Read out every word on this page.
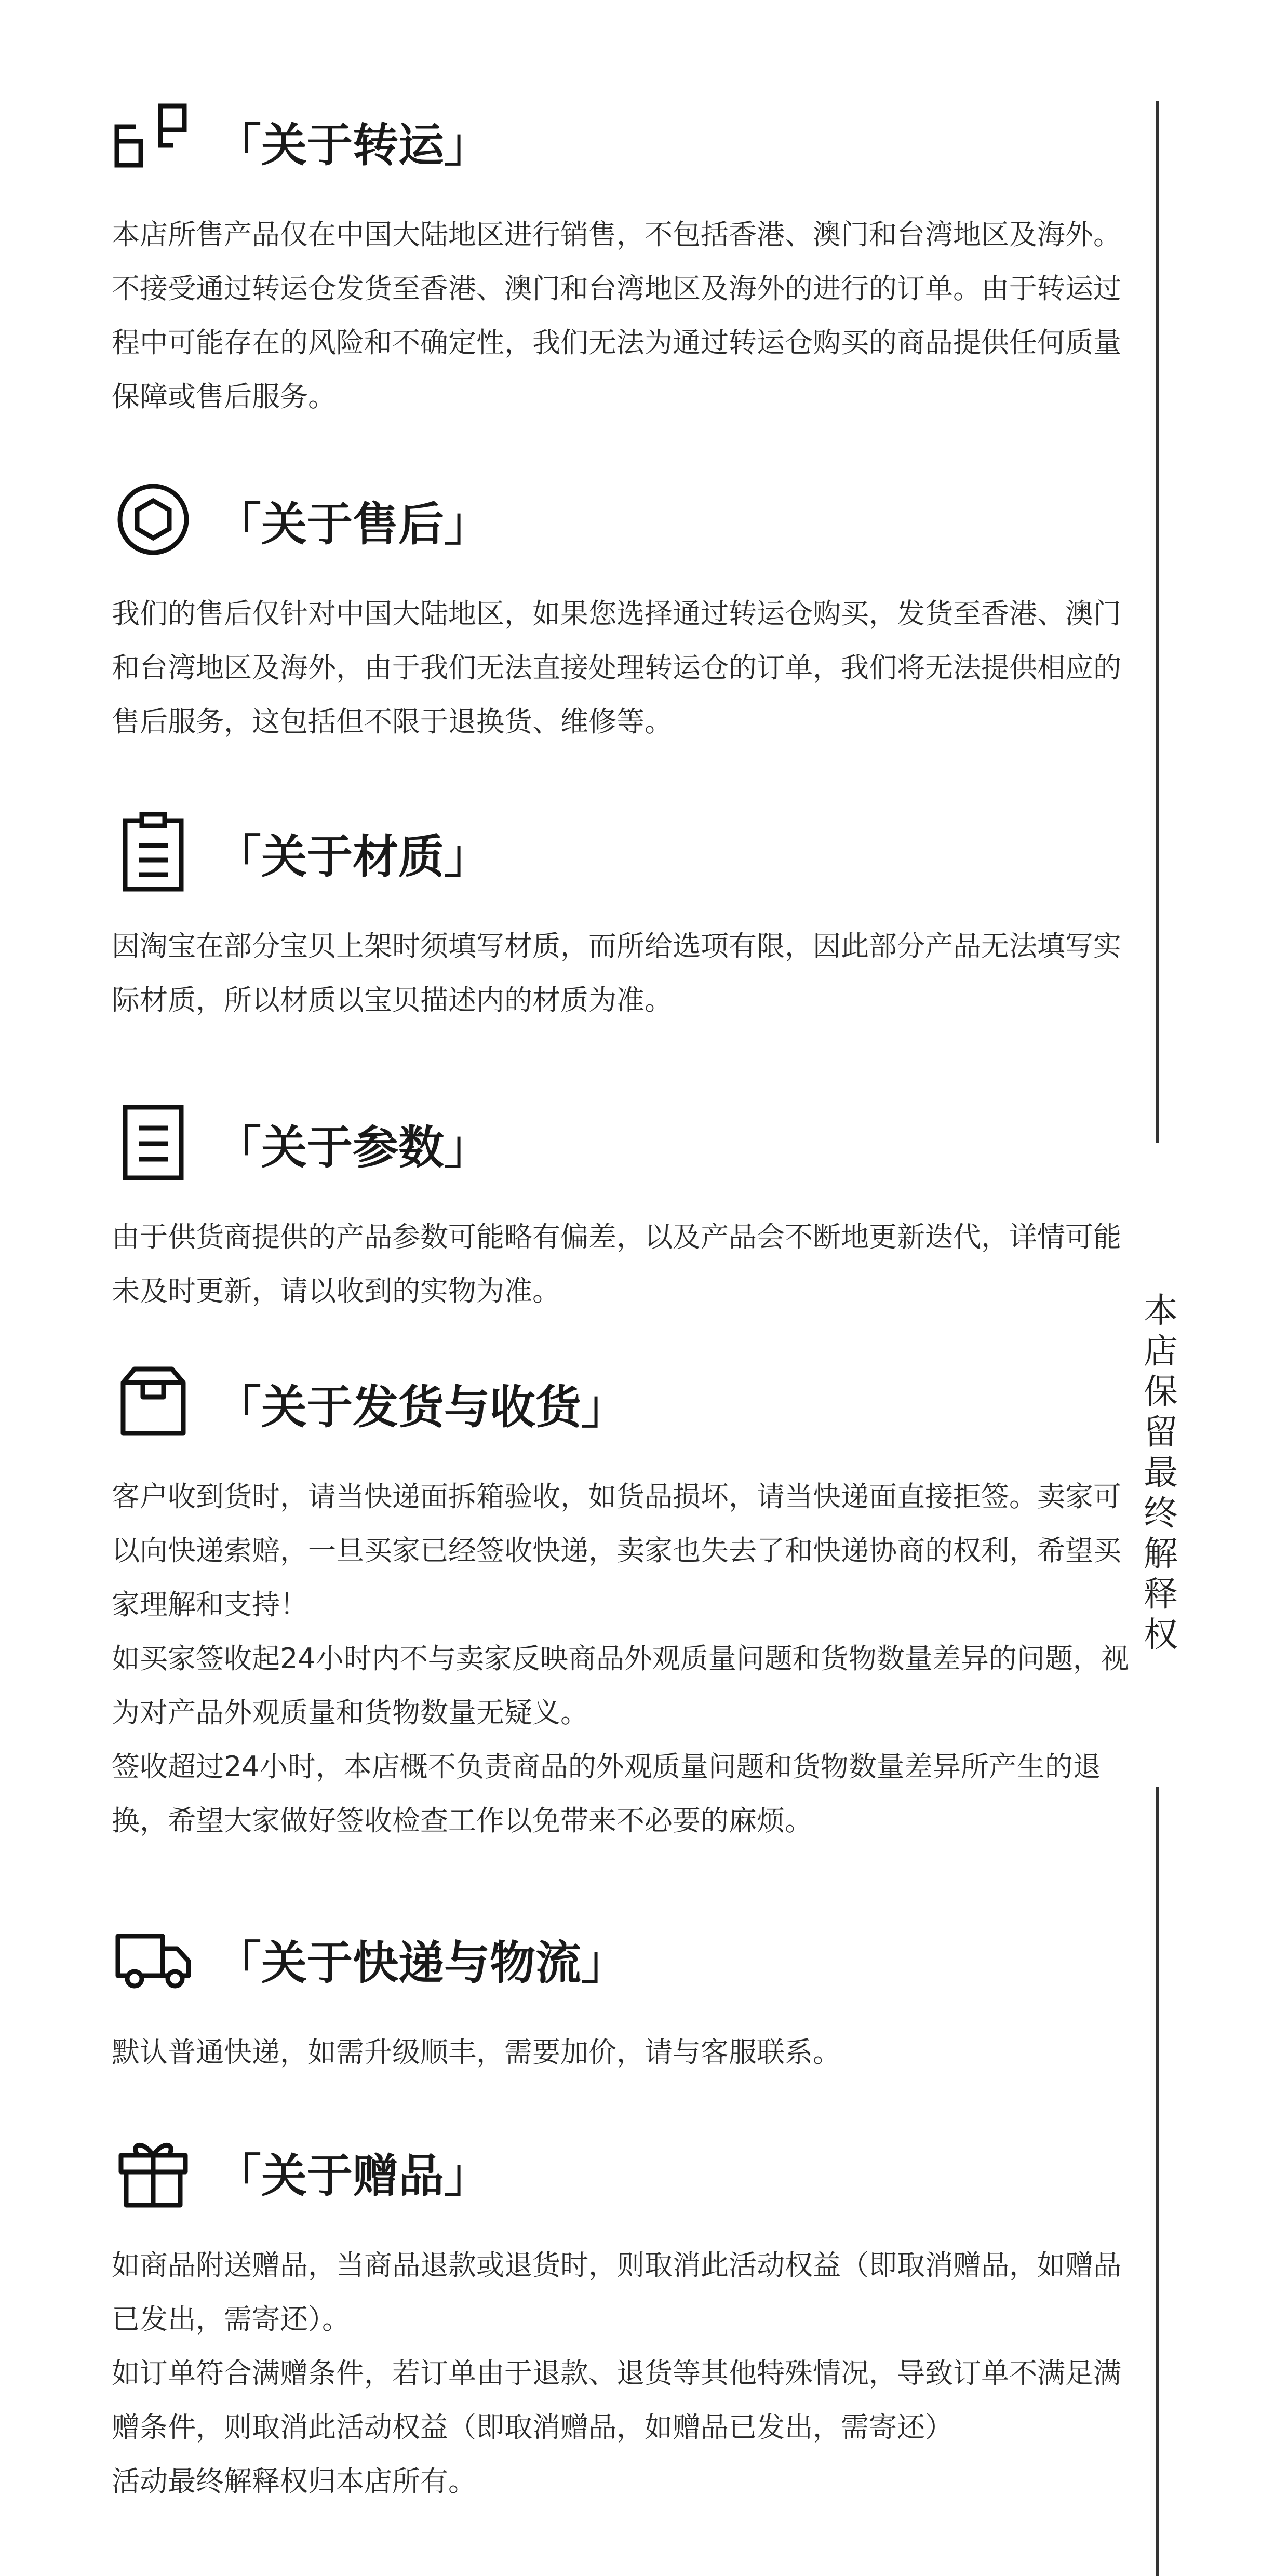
本
店
保
留
最
终
解
释
权
「关于转运」

本店所售产品仅在中国大陆地区进行销售，不包括香港、澳门和台湾地区及海外。不接受通过转运仓发货至香港、澳门和台湾地区及海外的进行的订单。由于转运过程中可能存在的风险和不确定性，我们无法为通过转运仓购买的商品提供任何质量保障或售后服务。

「关于售后」

我们的售后仅针对中国大陆地区，如果您选择通过转运仓购买，发货至香港、澳门和台湾地区及海外，由于我们无法直接处理转运仓的订单，我们将无法提供相应的售后服务，这包括但不限于退换货、维修等。

「关于材质」

因淘宝在部分宝贝上架时须填写材质，而所给选项有限，因此部分产品无法填写实际材质，所以材质以宝贝描述内的材质为准。

「关于参数」

由于供货商提供的产品参数可能略有偏差，以及产品会不断地更新迭代，详情可能未及时更新，请以收到的实物为准。

「关于发货与收货」

客户收到货时，请当快递面拆箱验收，如货品损坏，请当快递面直接拒签。卖家可以向快递索赔，一旦买家已经签收快递，卖家也失去了和快递协商的权利，希望买家理解和支持！

如买家签收起24小时内不与卖家反映商品外观质量问题和货物数量差异的问题，视为对产品外观质量和货物数量无疑义。

签收超过24小时，本店概不负责商品的外观质量问题和货物数量差异所产生的退换，希望大家做好签收检查工作以免带来不必要的麻烦。

「关于快递与物流」

默认普通快递，如需升级顺丰，需要加价，请与客服联系。

「关于赠品」

如商品附送赠品，当商品退款或退货时，则取消此活动权益（即取消赠品，如赠品已发出，需寄还）。

如订单符合满赠条件，若订单由于退款、退货等其他特殊情况，导致订单不满足满赠条件，则取消此活动权益（即取消赠品，如赠品已发出，需寄还）

活动最终解释权归本店所有。
